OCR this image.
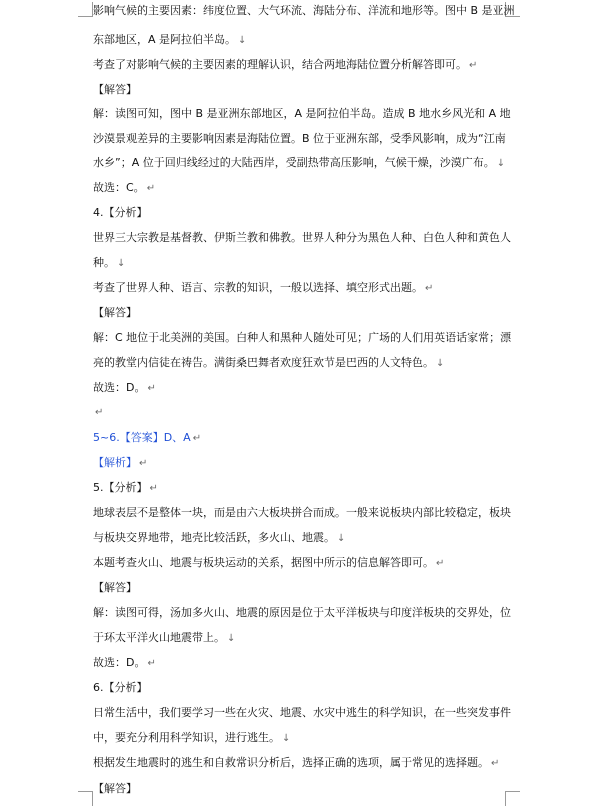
影响气候的主要因素：纬度位置、大气环流、海陆分布、洋流和地形等。图中 B 是亚洲
东部地区，A 是阿拉伯半岛。 ↓
考查了对影响气候的主要因素的理解认识，结合两地海陆位置分析解答即可。 ↵
【解答】
解：读图可知，图中 B 是亚洲东部地区，A 是阿拉伯半岛。造成 B 地水乡风光和 A 地
沙漠景观差异的主要影响因素是海陆位置。B 位于亚洲东部，受季风影响，成为“江南
水乡”；A 位于回归线经过的大陆西岸，受副热带高压影响，气候干燥，沙漠广布。 ↓
故选：C。 ↵
4.【分析】
世界三大宗教是基督教、伊斯兰教和佛教。世界人种分为黑色人种、白色人种和黄色人
种。 ↓
考查了世界人种、语言、宗教的知识，一般以选择、填空形式出题。 ↵
【解答】
解：C 地位于北美洲的美国。白种人和黑种人随处可见；广场的人们用英语话家常；漂
亮的教堂内信徒在祷告。满街桑巴舞者欢度狂欢节是巴西的人文特色。 ↓
故选：D。 ↵
↵
5~6.【答案】D、A ↵
【解析】 ↵
5.【分析】 ↵
地球表层不是整体一块，而是由六大板块拼合而成。一般来说板块内部比较稳定，板块
与板块交界地带，地壳比较活跃，多火山、地震。 ↓
本题考查火山、地震与板块运动的关系，据图中所示的信息解答即可。 ↵
【解答】
解：读图可得，汤加多火山、地震的原因是位于太平洋板块与印度洋板块的交界处，位
于环太平洋火山地震带上。 ↓
故选：D。 ↵
6.【分析】
日常生活中，我们要学习一些在火灾、地震、水灾中逃生的科学知识，在一些突发事件
中，要充分利用科学知识，进行逃生。 ↓
根据发生地震时的逃生和自救常识分析后，选择正确的选项，属于常见的选择题。 ↵
【解答】
